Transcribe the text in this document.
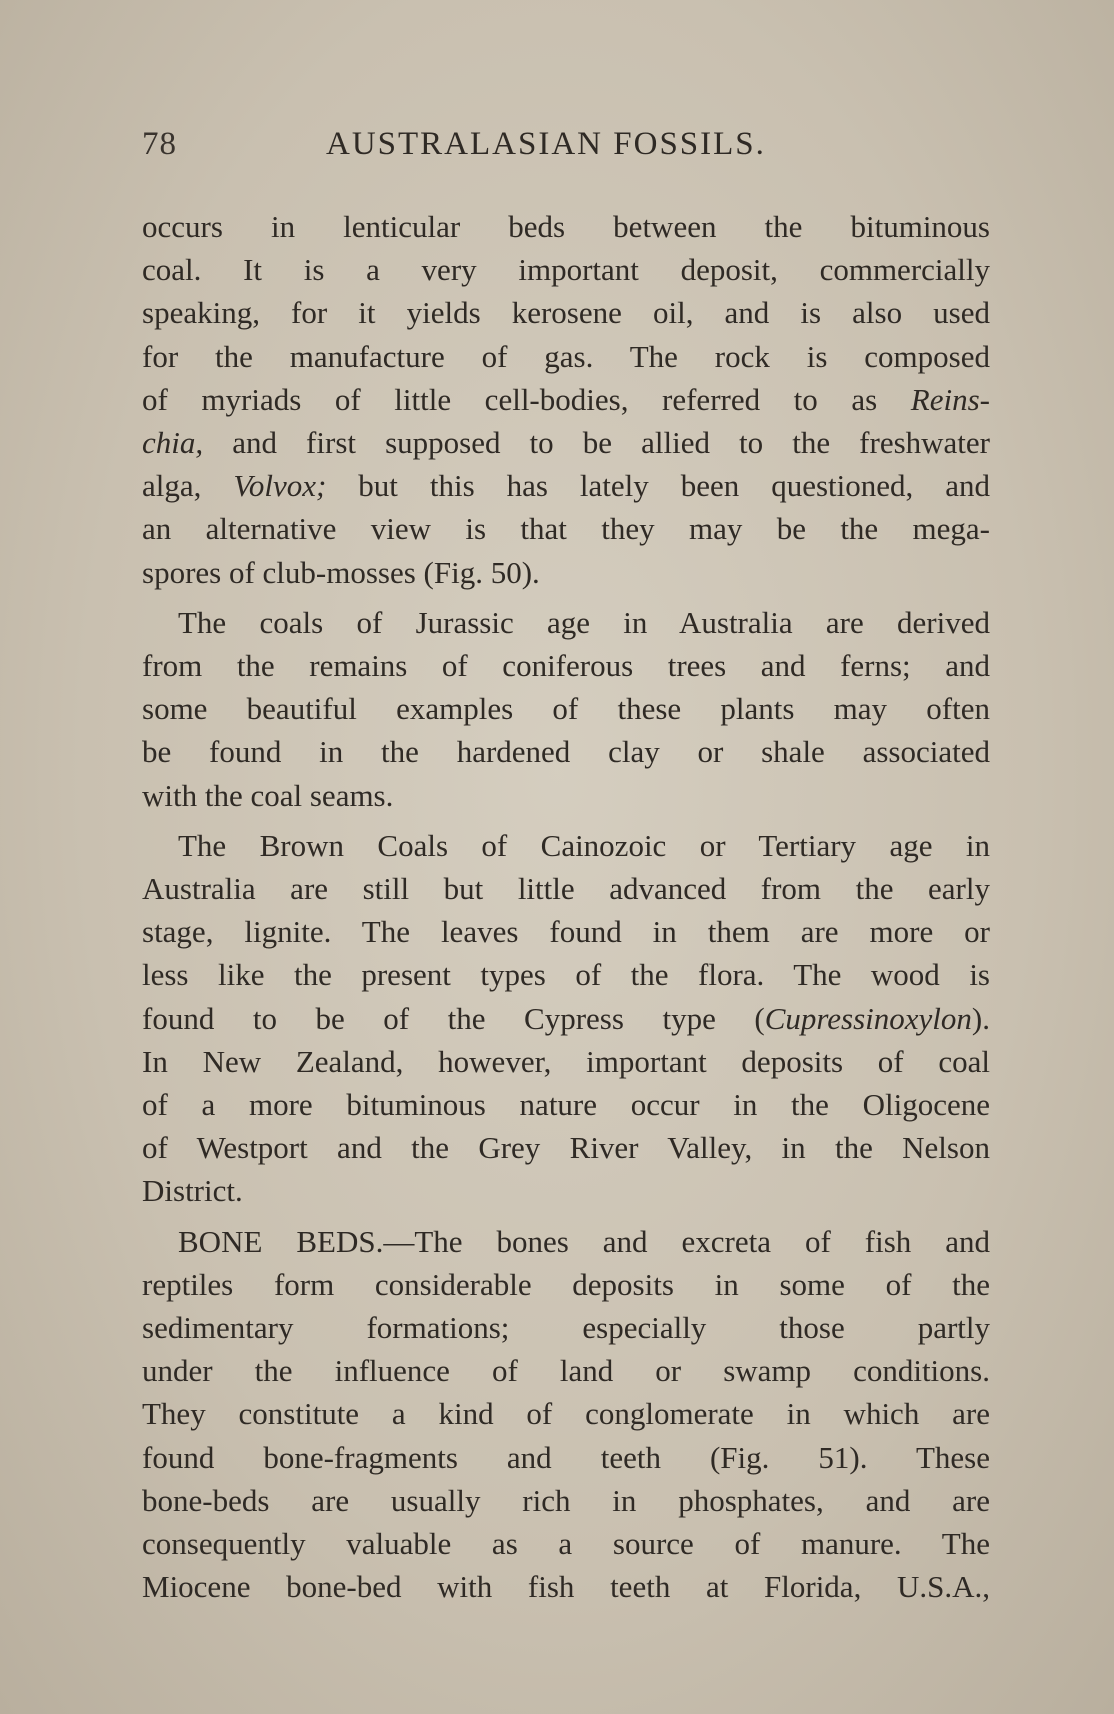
78	AUSTRALASIAN FOSSILS.
occurs in lenticular beds between the bituminous
coal. It is a very important deposit, commercially
speaking, for it yields kerosene oil, and is also used
for the manufacture of gas. The rock is composed
of myriads of little cell-bodies, referred to as Reins-
chia, and first supposed to be allied to the freshwater
alga, Volvox; but this has lately been questioned, and
an alternative view is that they may be the mega-
spores of club-mosses (Fig. 50).
The coals of Jurassic age in Australia are derived
from the remains of coniferous trees and ferns; and
some beautiful examples of these plants may often
be found in the hardened clay or shale associated
with the coal seams.
The Brown Coals of Cainozoic or Tertiary age in
Australia are still but little advanced from the early
stage, lignite. The leaves found in them are more or
less like the present types of the flora. The wood is
found to be of the Cypress type (Cupressinoxylon).
In New Zealand, however, important deposits of coal
of a more bituminous nature occur in the Oligocene
of Westport and the Grey River Valley, in the Nelson
District.
BONE BEDS.—The bones and excreta of fish and
reptiles form considerable deposits in some of the
sedimentary formations; especially those partly
under the influence of land or swamp conditions.
They constitute a kind of conglomerate in which are
found bone-fragments and teeth (Fig. 51). These
bone-beds are usually rich in phosphates, and are
consequently valuable as a source of manure. The
Miocene bone-bed with fish teeth at Florida, U.S.A.,
